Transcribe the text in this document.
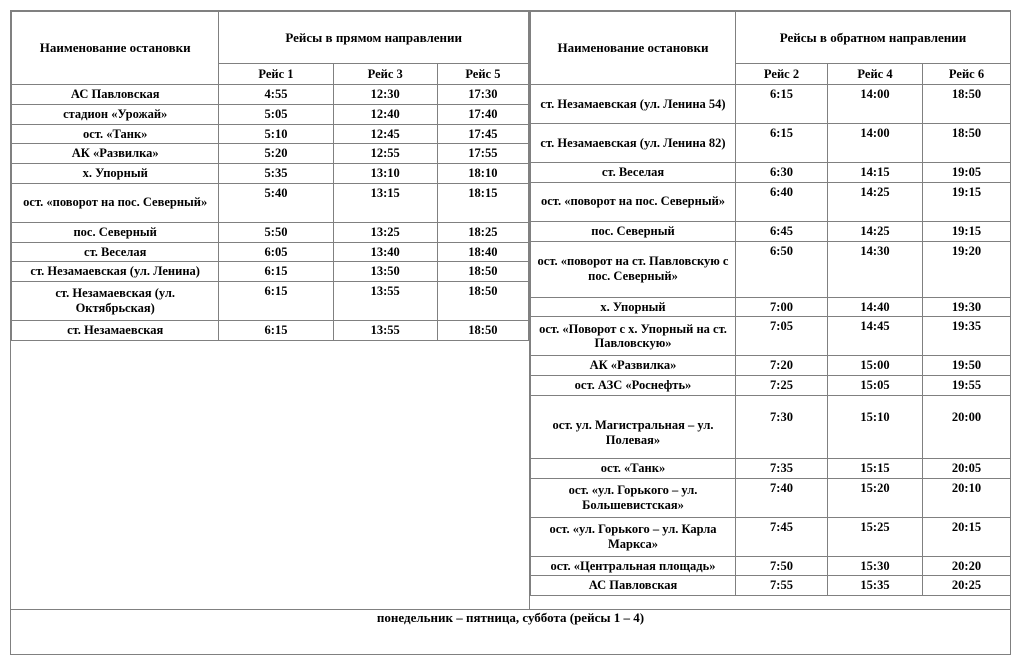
Наименование остановки	Рейсы в прямом направлении
Рейс 1	Рейс 3	Рейс 5
АС Павловская	4:55	12:30	17:30
стадион «Урожай»	5:05	12:40	17:40
ост. «Танк»	5:10	12:45	17:45
АК «Развилка»	5:20	12:55	17:55
х. Упорный	5:35	13:10	18:10
ост. «поворот на пос. Северный»	5:40	13:15	18:15
пос. Северный	5:50	13:25	18:25
ст. Веселая	6:05	13:40	18:40
ст. Незамаевская (ул. Ленина)	6:15	13:50	18:50
ст. Незамаевская (ул. Октябрьская)	6:15	13:55	18:50
ст. Незамаевская	6:15	13:55	18:50

Наименование остановки	Рейсы в обратном направлении
Рейс 2	Рейс 4	Рейс 6
ст. Незамаевская (ул. Ленина 54)	6:15	14:00	18:50
ст. Незамаевская (ул. Ленина 82)	6:15	14:00	18:50
ст. Веселая	6:30	14:15	19:05
ост. «поворот на пос. Северный»	6:40	14:25	19:15
пос. Северный	6:45	14:25	19:15
ост. «поворот на ст. Павловскую с пос. Северный»	6:50	14:30	19:20
х. Упорный	7:00	14:40	19:30
ост. «Поворот с х. Упорный на ст. Павловскую»	7:05	14:45	19:35
АК «Развилка»	7:20	15:00	19:50
ост. АЗС «Роснефть»	7:25	15:05	19:55
ост. ул. Магистральная – ул. Полевая»	7:30	15:10	20:00
ост. «Танк»	7:35	15:15	20:05
ост. «ул. Горького – ул. Большевистская»	7:40	15:20	20:10
ост. «ул. Горького – ул. Карла Маркса»	7:45	15:25	20:15
ост. «Центральная площадь»	7:50	15:30	20:20
АС Павловская	7:55	15:35	20:25

понедельник – пятница, суббота (рейсы 1 – 4)
